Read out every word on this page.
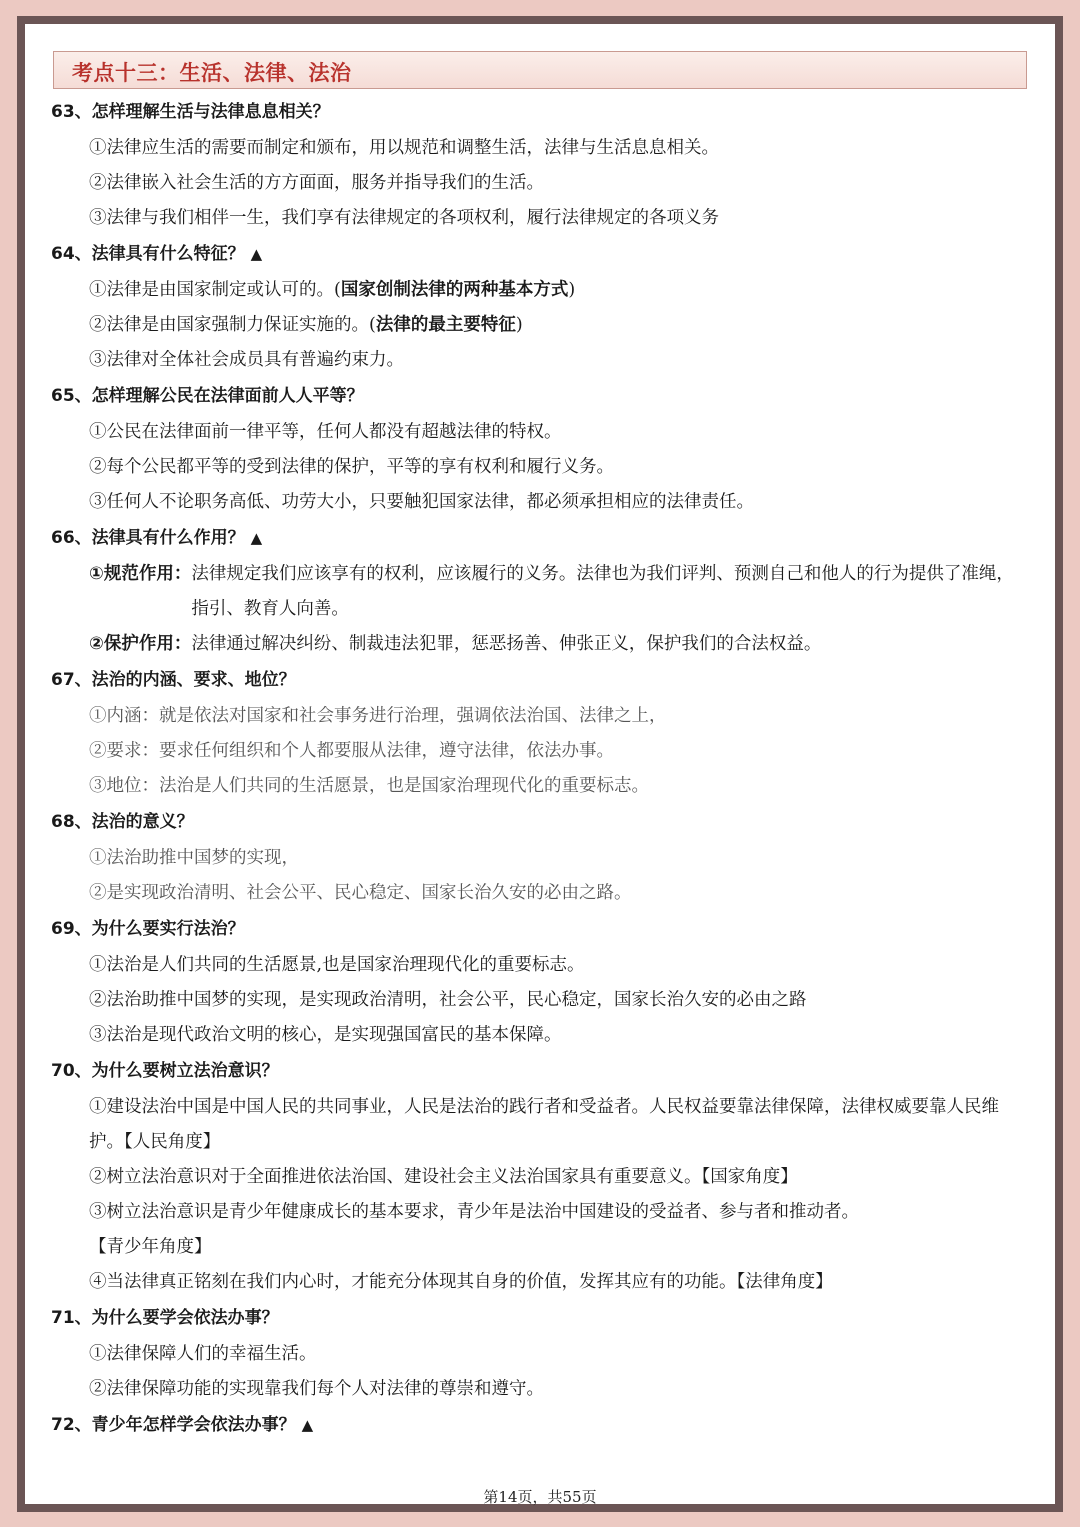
考点十三：生活、法律、法治
63、怎样理解生活与法律息息相关？
①法律应生活的需要而制定和颁布，用以规范和调整生活，法律与生活息息相关。
②法律嵌入社会生活的方方面面，服务并指导我们的生活。
③法律与我们相伴一生，我们享有法律规定的各项权利，履行法律规定的各项义务
64、法律具有什么特征？ ▲
①法律是由国家制定或认可的。(国家创制法律的两种基本方式)
②法律是由国家强制力保证实施的。(法律的最主要特征)
③法律对全体社会成员具有普遍约束力。
65、怎样理解公民在法律面前人人平等？
①公民在法律面前一律平等，任何人都没有超越法律的特权。
②每个公民都平等的受到法律的保护，平等的享有权利和履行义务。
③任何人不论职务高低、功劳大小，只要触犯国家法律，都必须承担相应的法律责任。
66、法律具有什么作用？ ▲
①规范作用： 法律规定我们应该享有的权利，应该履行的义务。法律也为我们评判、预测自己和他人的行为提供了准绳，指引、教育人向善。
②保护作用： 法律通过解决纠纷、制裁违法犯罪，惩恶扬善、伸张正义，保护我们的合法权益。
67、法治的内涵、要求、地位？
①内涵：就是依法对国家和社会事务进行治理，强调依法治国、法律之上，
②要求：要求任何组织和个人都要服从法律，遵守法律，依法办事。
③地位：法治是人们共同的生活愿景，也是国家治理现代化的重要标志。
68、法治的意义？
①法治助推中国梦的实现，
②是实现政治清明、社会公平、民心稳定、国家长治久安的必由之路。
69、为什么要实行法治？
①法治是人们共同的生活愿景,也是国家治理现代化的重要标志。
②法治助推中国梦的实现，是实现政治清明，社会公平，民心稳定，国家长治久安的必由之路
③法治是现代政治文明的核心，是实现强国富民的基本保障。
70、为什么要树立法治意识？
①建设法治中国是中国人民的共同事业，人民是法治的践行者和受益者。人民权益要靠法律保障，法律权威要靠人民维护。【人民角度】
②树立法治意识对于全面推进依法治国、建设社会主义法治国家具有重要意义。【国家角度】
③树立法治意识是青少年健康成长的基本要求，青少年是法治中国建设的受益者、参与者和推动者。
【青少年角度】
④当法律真正铭刻在我们内心时，才能充分体现其自身的价值，发挥其应有的功能。【法律角度】
71、为什么要学会依法办事？
①法律保障人们的幸福生活。
②法律保障功能的实现靠我们每个人对法律的尊崇和遵守。
72、青少年怎样学会依法办事？ ▲
第14页，共55页
